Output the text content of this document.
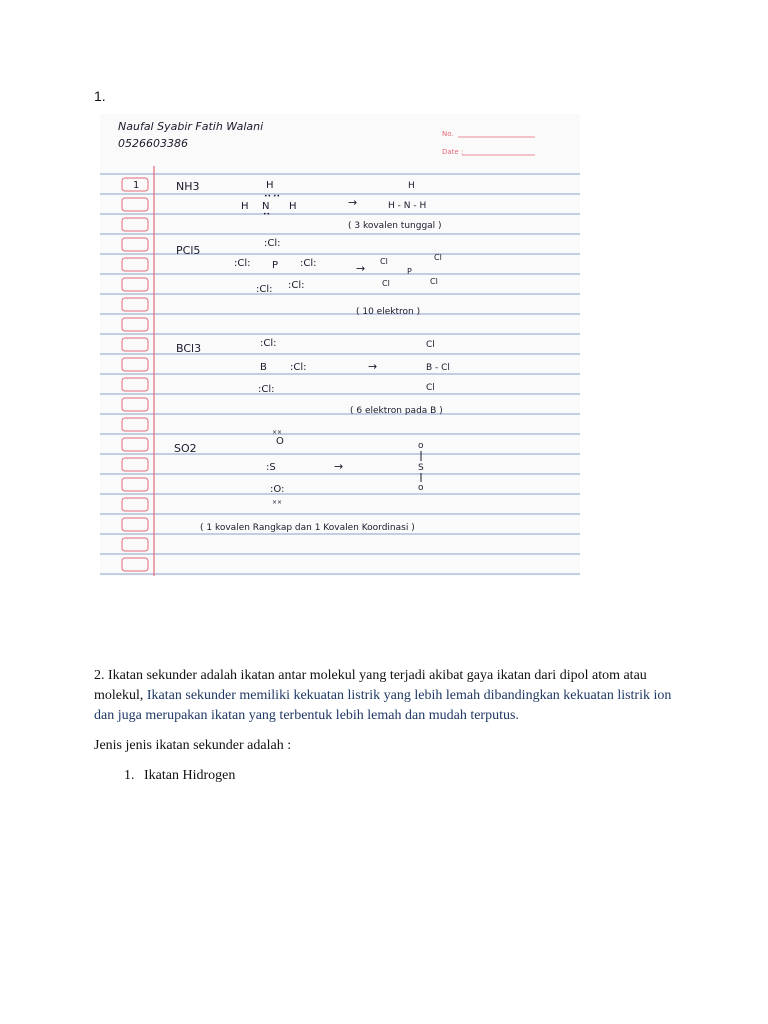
1.
Naufal Syabir Fatih Walani
0526603386
No.
Date :
1	NH3	H
H N H
•• ••
••
→
H
H - N - H
( 3 kovalen tunggal )
PCl5
:Cl:
:Cl: P :Cl:
:Cl: :Cl:
→
Cl	Cl
P
Cl	Cl
( 10 elektron )
BCl3	:Cl:
B :Cl:
:Cl:
→
Cl
Cl
B - Cl
( 6 elektron pada B )
SO2
O
:S
:O:
××
××
→
o
S
o
( 1 kovalen Rangkap dan 1 Kovalen Koordinasi )

2. Ikatan sekunder adalah ikatan antar molekul yang terjadi akibat gaya ikatan dari dipol atom atau molekul, Ikatan sekunder memiliki kekuatan listrik yang lebih lemah dibandingkan kekuatan listrik ion dan juga merupakan ikatan yang terbentuk lebih lemah dan mudah terputus.

Jenis jenis ikatan sekunder adalah :

1. Ikatan Hidrogen
